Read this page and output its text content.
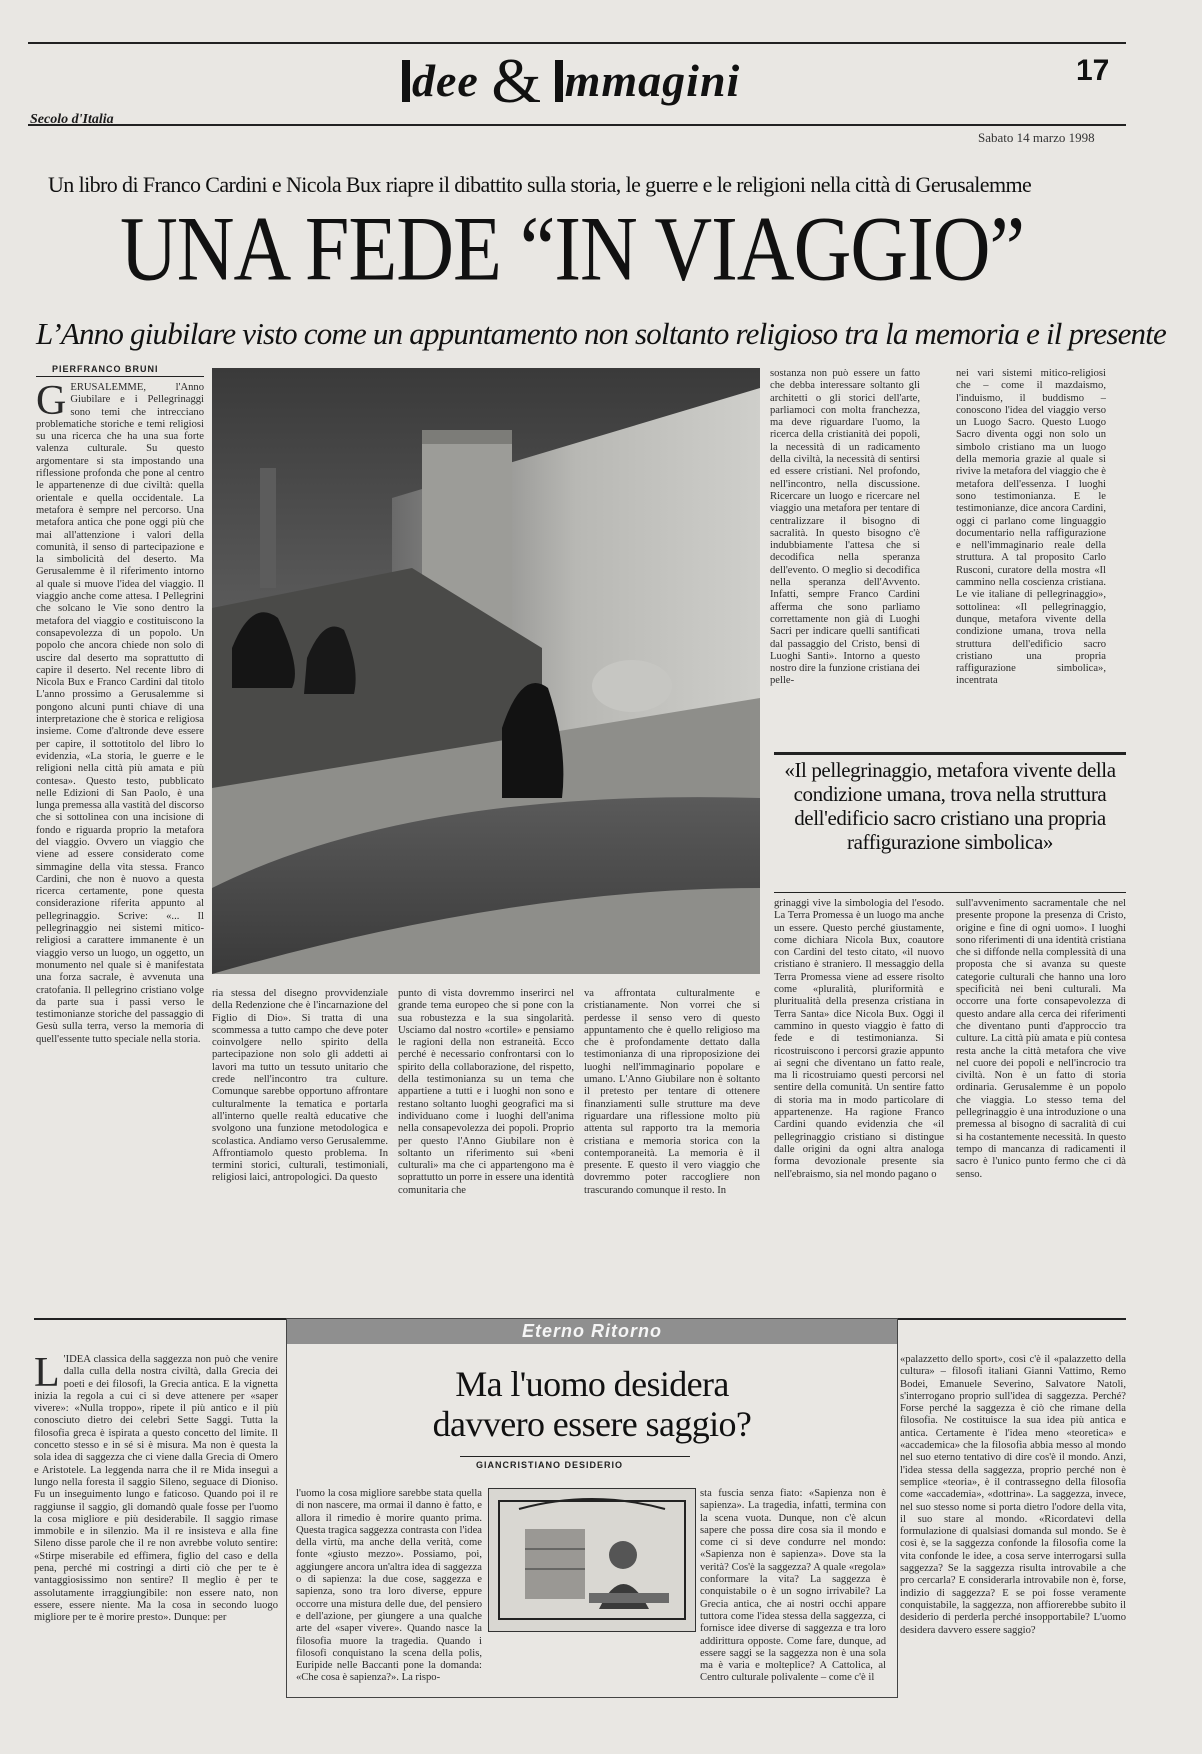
dee & mmagini	17
Secolo d'Italia
Sabato 14 marzo 1998
Un libro di Franco Cardini e Nicola Bux riapre il dibattito sulla storia, le guerre e le religioni nella città di Gerusalemme
UNA FEDE “IN VIAGGIO”
L’Anno giubilare visto come un appuntamento non soltanto religioso tra la memoria e il presente
PIERFRANCO BRUNI
GERUSALEMME, l'Anno Giubilare e i Pellegrinaggi sono temi che intrecciano problematiche storiche e temi religiosi su una ricerca che ha una sua forte valenza culturale. Su questo argomentare si sta impostando una riflessione profonda che pone al centro le appartenenze di due civiltà: quella orientale e quella occidentale. La metafora è sempre nel percorso. Una metafora antica che pone oggi più che mai all'attenzione i valori della comunità, il senso di partecipazione e la simbolicità del deserto. Ma Gerusalemme è il riferimento intorno al quale si muove l'idea del viaggio. Il viaggio anche come attesa. I Pellegrini che solcano le Vie sono dentro la metafora del viaggio e costituiscono la consapevolezza di un popolo. Un popolo che ancora chiede non solo di uscire dal deserto ma soprattutto di capire il deserto. Nel recente libro di Nicola Bux e Franco Cardini dal titolo L'anno prossimo a Gerusalemme si pongono alcuni punti chiave di una interpretazione che è storica e religiosa insieme. Come d'altronde deve essere per capire, il sottotitolo del libro lo evidenzia, «La storia, le guerre e le religioni nella città più amata e più contesa». Questo testo, pubblicato nelle Edizioni di San Paolo, è una lunga premessa alla vastità del discorso che si sottolinea con una incisione di fondo e riguarda proprio la metafora del viaggio. Ovvero un viaggio che viene ad essere considerato come simmagine della vita stessa. Franco Cardini, che non è nuovo a questa ricerca certamente, pone questa considerazione riferita appunto al pellegrinaggio. Scrive: «... Il pellegrinaggio nei sistemi mitico-religiosi a carattere immanente è un viaggio verso un luogo, un oggetto, un monumento nel quale si è manifestata una forza sacrale, è avvenuta una cratofania. Il pellegrino cristiano volge da parte sua i passi verso le testimonianze storiche del passaggio di Gesù sulla terra, verso la memoria di quell'essente tutto speciale nella storia.
sostanza non può essere un fatto che debba interessare soltanto gli architetti o gli storici dell'arte, parliamoci con molta franchezza, ma deve riguardare l'uomo, la ricerca della cristianità dei popoli, la necessità di un radicamento della civiltà, la necessità di sentirsi ed essere cristiani. Nel profondo, nell'incontro, nella discussione. Ricercare un luogo e ricercare nel viaggio una metafora per tentare di centralizzare il bisogno di sacralità. In questo bisogno c'è indubbiamente l'attesa che si decodifica nella speranza dell'evento. O meglio si decodifica nella speranza dell'Avvento. Infatti, sempre Franco Cardini afferma che sono parliamo correttamente non già di Luoghi Sacri per indicare quelli santificati dal passaggio del Cristo, bensì di Luoghi Santi». Intorno a questo nostro dire la funzione cristiana dei pelle-
nei vari sistemi mitico-religiosi che – come il mazdaismo, l'induismo, il buddismo – conoscono l'idea del viaggio verso un Luogo Sacro. Questo Luogo Sacro diventa oggi non solo un simbolo cristiano ma un luogo della memoria grazie al quale si rivive la metafora del viaggio che è metafora dell'essenza. I luoghi sono testimonianza. E le testimonianze, dice ancora Cardini, oggi ci parlano come linguaggio documentario nella raffigurazione e nell'immaginario reale della struttura. A tal proposito Carlo Rusconi, curatore della mostra «Il cammino nella coscienza cristiana. Le vie italiane di pellegrinaggio», sottolinea: «Il pellegrinaggio, dunque, metafora vivente della condizione umana, trova nella struttura dell'edificio sacro cristiano una propria raffigurazione simbolica», incentrata
«Il pellegrinaggio, metafora vivente della condizione umana, trova nella struttura dell'edificio sacro cristiano una propria raffigurazione simbolica»
grinaggi vive la simbologia del l'esodo. La Terra Promessa è un luogo ma anche un essere. Questo perché giustamente, come dichiara Nicola Bux, coautore con Cardini del testo citato, «il nuovo cristiano è straniero. Il messaggio della Terra Promessa viene ad essere risolto come «pluralità, pluriformità e pluritualità della presenza cristiana in Terra Santa» dice Nicola Bux. Oggi il cammino in questo viaggio è fatto di fede e di testimonianza. Si ricostruiscono i percorsi grazie appunto ai segni che diventano un fatto reale, ma li ricostruiamo questi percorsi nel sentire della comunità. Un sentire fatto di storia ma in modo particolare di appartenenze. Ha ragione Franco Cardini quando evidenzia che «il pellegrinaggio cristiano si distingue dalle origini da ogni altra analoga forma devozionale presente sia nell'ebraismo, sia nel mondo pagano o
sull'avvenimento sacramentale che nel presente propone la presenza di Cristo, origine e fine di ogni uomo». I luoghi sono riferimenti di una identità cristiana che si diffonde nella complessità di una proposta che si avanza su queste categorie culturali che hanno una loro specificità nei beni culturali. Ma occorre una forte consapevolezza di questo andare alla cerca dei riferimenti che diventano punti d'approccio tra culture. La città più amata e più contesa resta anche la città metafora che vive nel cuore dei popoli e nell'incrocio tra civiltà. Non è un fatto di storia ordinaria. Gerusalemme è un popolo che viaggia. Lo stesso tema del pellegrinaggio è una introduzione o una premessa al bisogno di sacralità di cui si ha costantemente necessità. In questo tempo di mancanza di radicamenti il sacro è l'unico punto fermo che ci dà senso.
ria stessa del disegno provvidenziale della Redenzione che è l'incarnazione del Figlio di Dio». Si tratta di una scommessa a tutto campo che deve poter coinvolgere nello spirito della partecipazione non solo gli addetti ai lavori ma tutto un tessuto unitario che crede nell'incontro tra culture. Comunque sarebbe opportuno affrontare culturalmente la tematica e portarla all'interno quelle realtà educative che svolgono una funzione metodologica e scolastica. Andiamo verso Gerusalemme. Affrontiamolo questo problema. In termini storici, culturali, testimoniali, religiosi laici, antropologici. Da questo
punto di vista dovremmo inserirci nel grande tema europeo che si pone con la sua robustezza e la sua singolarità. Usciamo dal nostro «cortile» e pensiamo le ragioni della non estraneità. Ecco perché è necessario confrontarsi con lo spirito della collaborazione, del rispetto, della testimonianza su un tema che appartiene a tutti e i luoghi non sono e restano soltanto luoghi geografici ma si individuano come i luoghi dell'anima nella consapevolezza dei popoli. Proprio per questo l'Anno Giubilare non è soltanto un riferimento sui «beni culturali» ma che ci appartengono ma è soprattutto un porre in essere una identità comunitaria che
va affrontata culturalmente e cristianamente. Non vorrei che si perdesse il senso vero di questo appuntamento che è quello religioso ma che è profondamente dettato dalla testimonianza di una riproposizione dei luoghi nell'immaginario popolare e umano. L'Anno Giubilare non è soltanto il pretesto per tentare di ottenere finanziamenti sulle strutture ma deve riguardare una riflessione molto più attenta sul rapporto tra la memoria cristiana e memoria storica con la contemporaneità. La memoria è il presente. E questo il vero viaggio che dovremmo poter raccogliere non trascurando comunque il resto. In
Eterno Ritorno
L 'IDEA classica della saggezza non può che venire dalla culla della nostra civiltà, dalla Grecia dei poeti e dei filosofi, la Grecia antica. E la vignetta inizia la regola a cui ci si deve attenere per «saper vivere»: «Nulla troppo», ripete il più antico e il più conosciuto dietro dei celebri Sette Saggi. Tutta la filosofia greca è ispirata a questo concetto del limite. Il concetto stesso e in sé si è misura. Ma non è questa la sola idea di saggezza che ci viene dalla Grecia di Omero e Aristotele. La leggenda narra che il re Mida inseguì a lungo nella foresta il saggio Sileno, seguace di Dioniso. Fu un inseguimento lungo e faticoso. Quando poi il re raggiunse il saggio, gli domandò quale fosse per l'uomo la cosa migliore e più desiderabile. Il saggio rimase immobile e in silenzio. Ma il re insisteva e alla fine Sileno disse parole che il re non avrebbe voluto sentire: «Stirpe miserabile ed effimera, figlio del caso e della pena, perché mi costringi a dirti ciò che per te è vantaggiosissimo non sentire? Il meglio è per te assolutamente irraggiungibile: non essere nato, non essere, essere niente. Ma la cosa in secondo luogo migliore per te è morire presto». Dunque: per
Ma l'uomo desidera
davvero essere saggio?
GIANCRISTIANO DESIDERIO
l'uomo la cosa migliore sarebbe stata quella di non nascere, ma ormai il danno è fatto, e allora il rimedio è morire quanto prima. Questa tragica saggezza contrasta con l'idea della virtù, ma anche della verità, come fonte «giusto mezzo». Possiamo, poi, aggiungere ancora un'altra idea di saggezza o di sapienza: la due cose, saggezza e sapienza, sono tra loro diverse, eppure occorre una mistura delle due, del pensiero e dell'azione, per giungere a una qualche arte del «saper vivere». Quando nasce la filosofia muore la tragedia. Quando i filosofi conquistano la scena della polis, Euripide nelle Baccanti pone la domanda: «Che cosa è sapienza?». La rispo-
sta fuscia senza fiato: «Sapienza non è sapienza». La tragedia, infatti, termina con la scena vuota. Dunque, non c'è alcun sapere che possa dire cosa sia il mondo e come ci si deve condurre nel mondo: «Sapienza non è sapienza». Dove sta la verità? Cos'è la saggezza? A quale «regola» conformare la vita? La saggezza è conquistabile o è un sogno irrivabile? La Grecia antica, che ai nostri occhi appare tuttora come l'idea stessa della saggezza, ci fornisce idee diverse di saggezza e tra loro addirittura opposte. Come fare, dunque, ad essere saggi se la saggezza non è una sola ma è varia e molteplice? A Cattolica, al Centro culturale polivalente – come c'è il
«palazzetto dello sport», così c'è il «palazzetto della cultura» – filosofi italiani Gianni Vattimo, Remo Bodei, Emanuele Severino, Salvatore Natoli, s'interrogano proprio sull'idea di saggezza. Perché? Forse perché la saggezza è ciò che rimane della filosofia. Ne costituisce la sua idea più antica e antica. Certamente è l'idea meno «teoretica» e «accademica» che la filosofia abbia messo al mondo nel suo eterno tentativo di dire cos'è il mondo. Anzi, l'idea stessa della saggezza, proprio perché non è semplice «teoria», è il contrassegno della filosofia come «accademia», «dottrina». La saggezza, invece, nel suo stesso nome si porta dietro l'odore della vita, il suo stare al mondo. «Ricordatevi della formulazione di qualsiasi domanda sul mondo. Se è così è, se la saggezza confonde la filosofia come la vita confonde le idee, a cosa serve interrogarsi sulla saggezza? Se la saggezza risulta introvabile a che pro cercarla? E considerarla introvabile non è, forse, indizio di saggezza? E se poi fosse veramente conquistabile, la saggezza, non affiorerebbe subito il desiderio di perderla perché insopportabile? L'uomo desidera davvero essere saggio?
